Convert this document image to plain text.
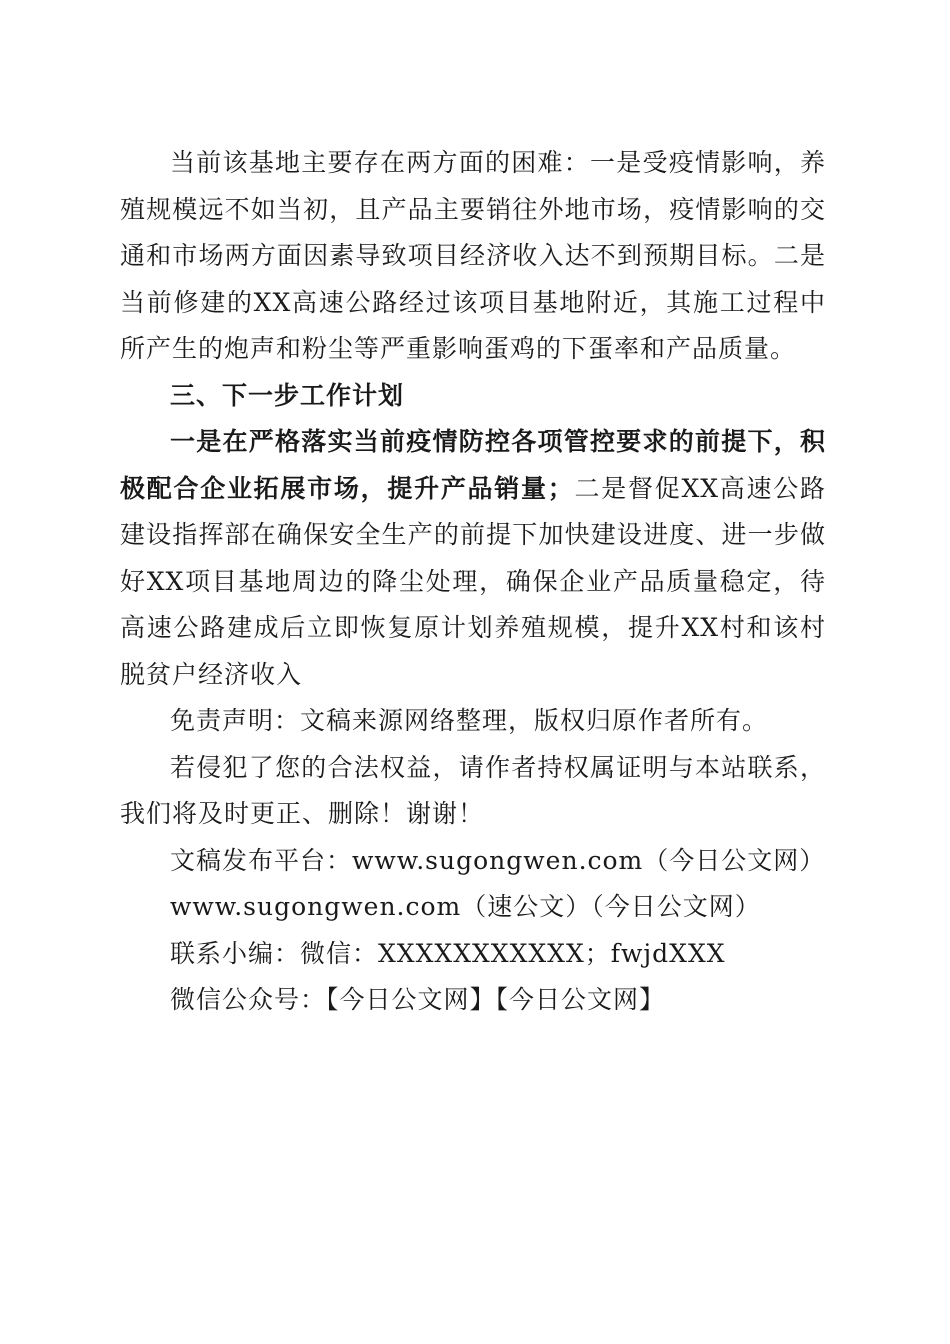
当前该基地主要存在两方面的困难：一是受疫情影响，养殖规模远不如当初，且产品主要销往外地市场，疫情影响的交通和市场两方面因素导致项目经济收入达不到预期目标。二是当前修建的XX高速公路经过该项目基地附近，其施工过程中所产生的炮声和粉尘等严重影响蛋鸡的下蛋率和产品质量。

三、下一步工作计划

一是在严格落实当前疫情防控各项管控要求的前提下，积极配合企业拓展市场，提升产品销量；二是督促XX高速公路建设指挥部在确保安全生产的前提下加快建设进度、进一步做好XX项目基地周边的降尘处理，确保企业产品质量稳定，待高速公路建成后立即恢复原计划养殖规模，提升XX村和该村脱贫户经济收入

免责声明：文稿来源网络整理，版权归原作者所有。

若侵犯了您的合法权益，请作者持权属证明与本站联系，我们将及时更正、删除！谢谢！

文稿发布平台：www.sugongwen.com（今日公文网）

www.sugongwen.com（速公文）（今日公文网）

联系小编：微信：XXXXXXXXXXX；fwjdXXX

微信公众号：【今日公文网】【今日公文网】
